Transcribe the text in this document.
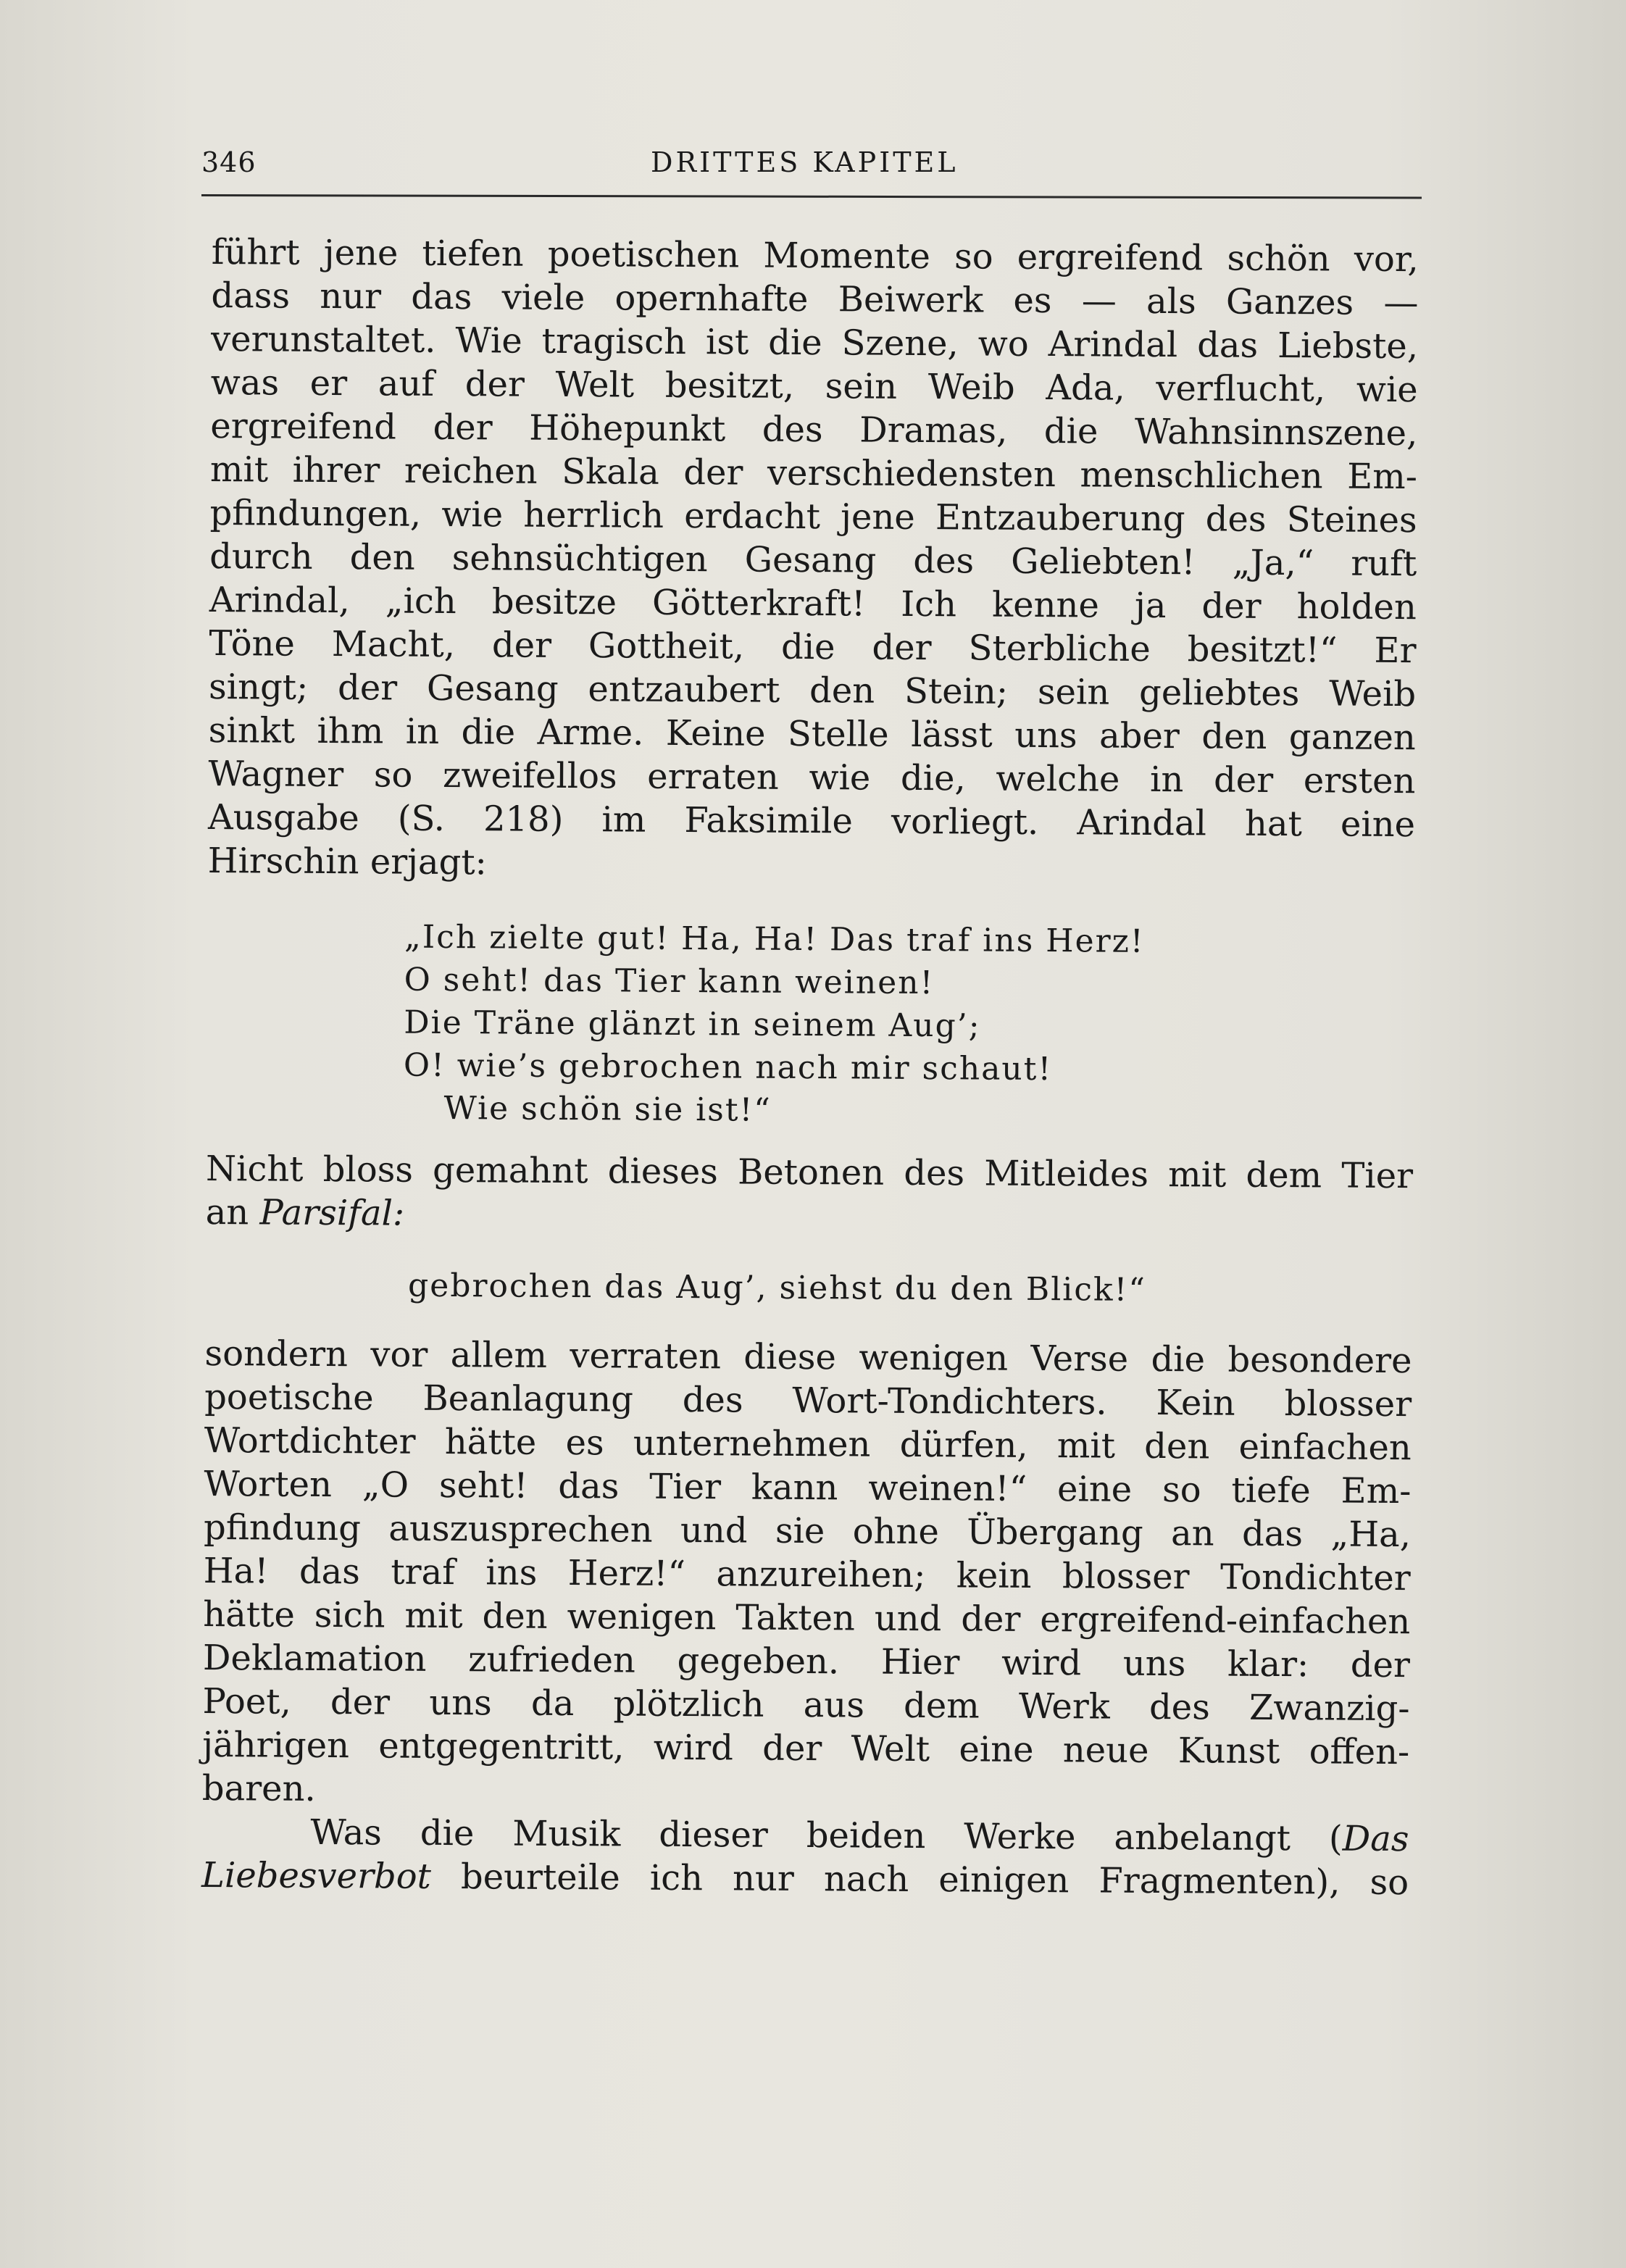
346	DRITTES KAPITEL
führt jene tiefen poetischen Momente so ergreifend schön vor,
dass nur das viele opernhafte Beiwerk es — als Ganzes —
verunstaltet. Wie tragisch ist die Szene, wo Arindal das Liebste,
was er auf der Welt besitzt, sein Weib Ada, verflucht, wie
ergreifend der Höhepunkt des Dramas, die Wahnsinnszene,
mit ihrer reichen Skala der verschiedensten menschlichen Em-
pfindungen, wie herrlich erdacht jene Entzauberung des Steines
durch den sehnsüchtigen Gesang des Geliebten! „Ja,“ ruft
Arindal, „ich besitze Götterkraft! Ich kenne ja der holden
Töne Macht, der Gottheit, die der Sterbliche besitzt!“ Er
singt; der Gesang entzaubert den Stein; sein geliebtes Weib
sinkt ihm in die Arme. Keine Stelle lässt uns aber den ganzen
Wagner so zweifellos erraten wie die, welche in der ersten
Ausgabe (S. 218) im Faksimile vorliegt. Arindal hat eine
Hirschin erjagt:
„Ich zielte gut! Ha, Ha! Das traf ins Herz!
O seht! das Tier kann weinen!
Die Träne glänzt in seinem Aug’;
O! wie’s gebrochen nach mir schaut!
Wie schön sie ist!“
Nicht bloss gemahnt dieses Betonen des Mitleides mit dem Tier
an Parsifal:
gebrochen das Aug’, siehst du den Blick!“
sondern vor allem verraten diese wenigen Verse die besondere
poetische Beanlagung des Wort-Tondichters. Kein blosser
Wortdichter hätte es unternehmen dürfen, mit den einfachen
Worten „O seht! das Tier kann weinen!“ eine so tiefe Em-
pfindung auszusprechen und sie ohne Übergang an das „Ha,
Ha! das traf ins Herz!“ anzureihen; kein blosser Tondichter
hätte sich mit den wenigen Takten und der ergreifend-einfachen
Deklamation zufrieden gegeben. Hier wird uns klar: der
Poet, der uns da plötzlich aus dem Werk des Zwanzig-
jährigen entgegentritt, wird der Welt eine neue Kunst offen-
baren.
Was die Musik dieser beiden Werke anbelangt (Das
Liebesverbot beurteile ich nur nach einigen Fragmenten), so
